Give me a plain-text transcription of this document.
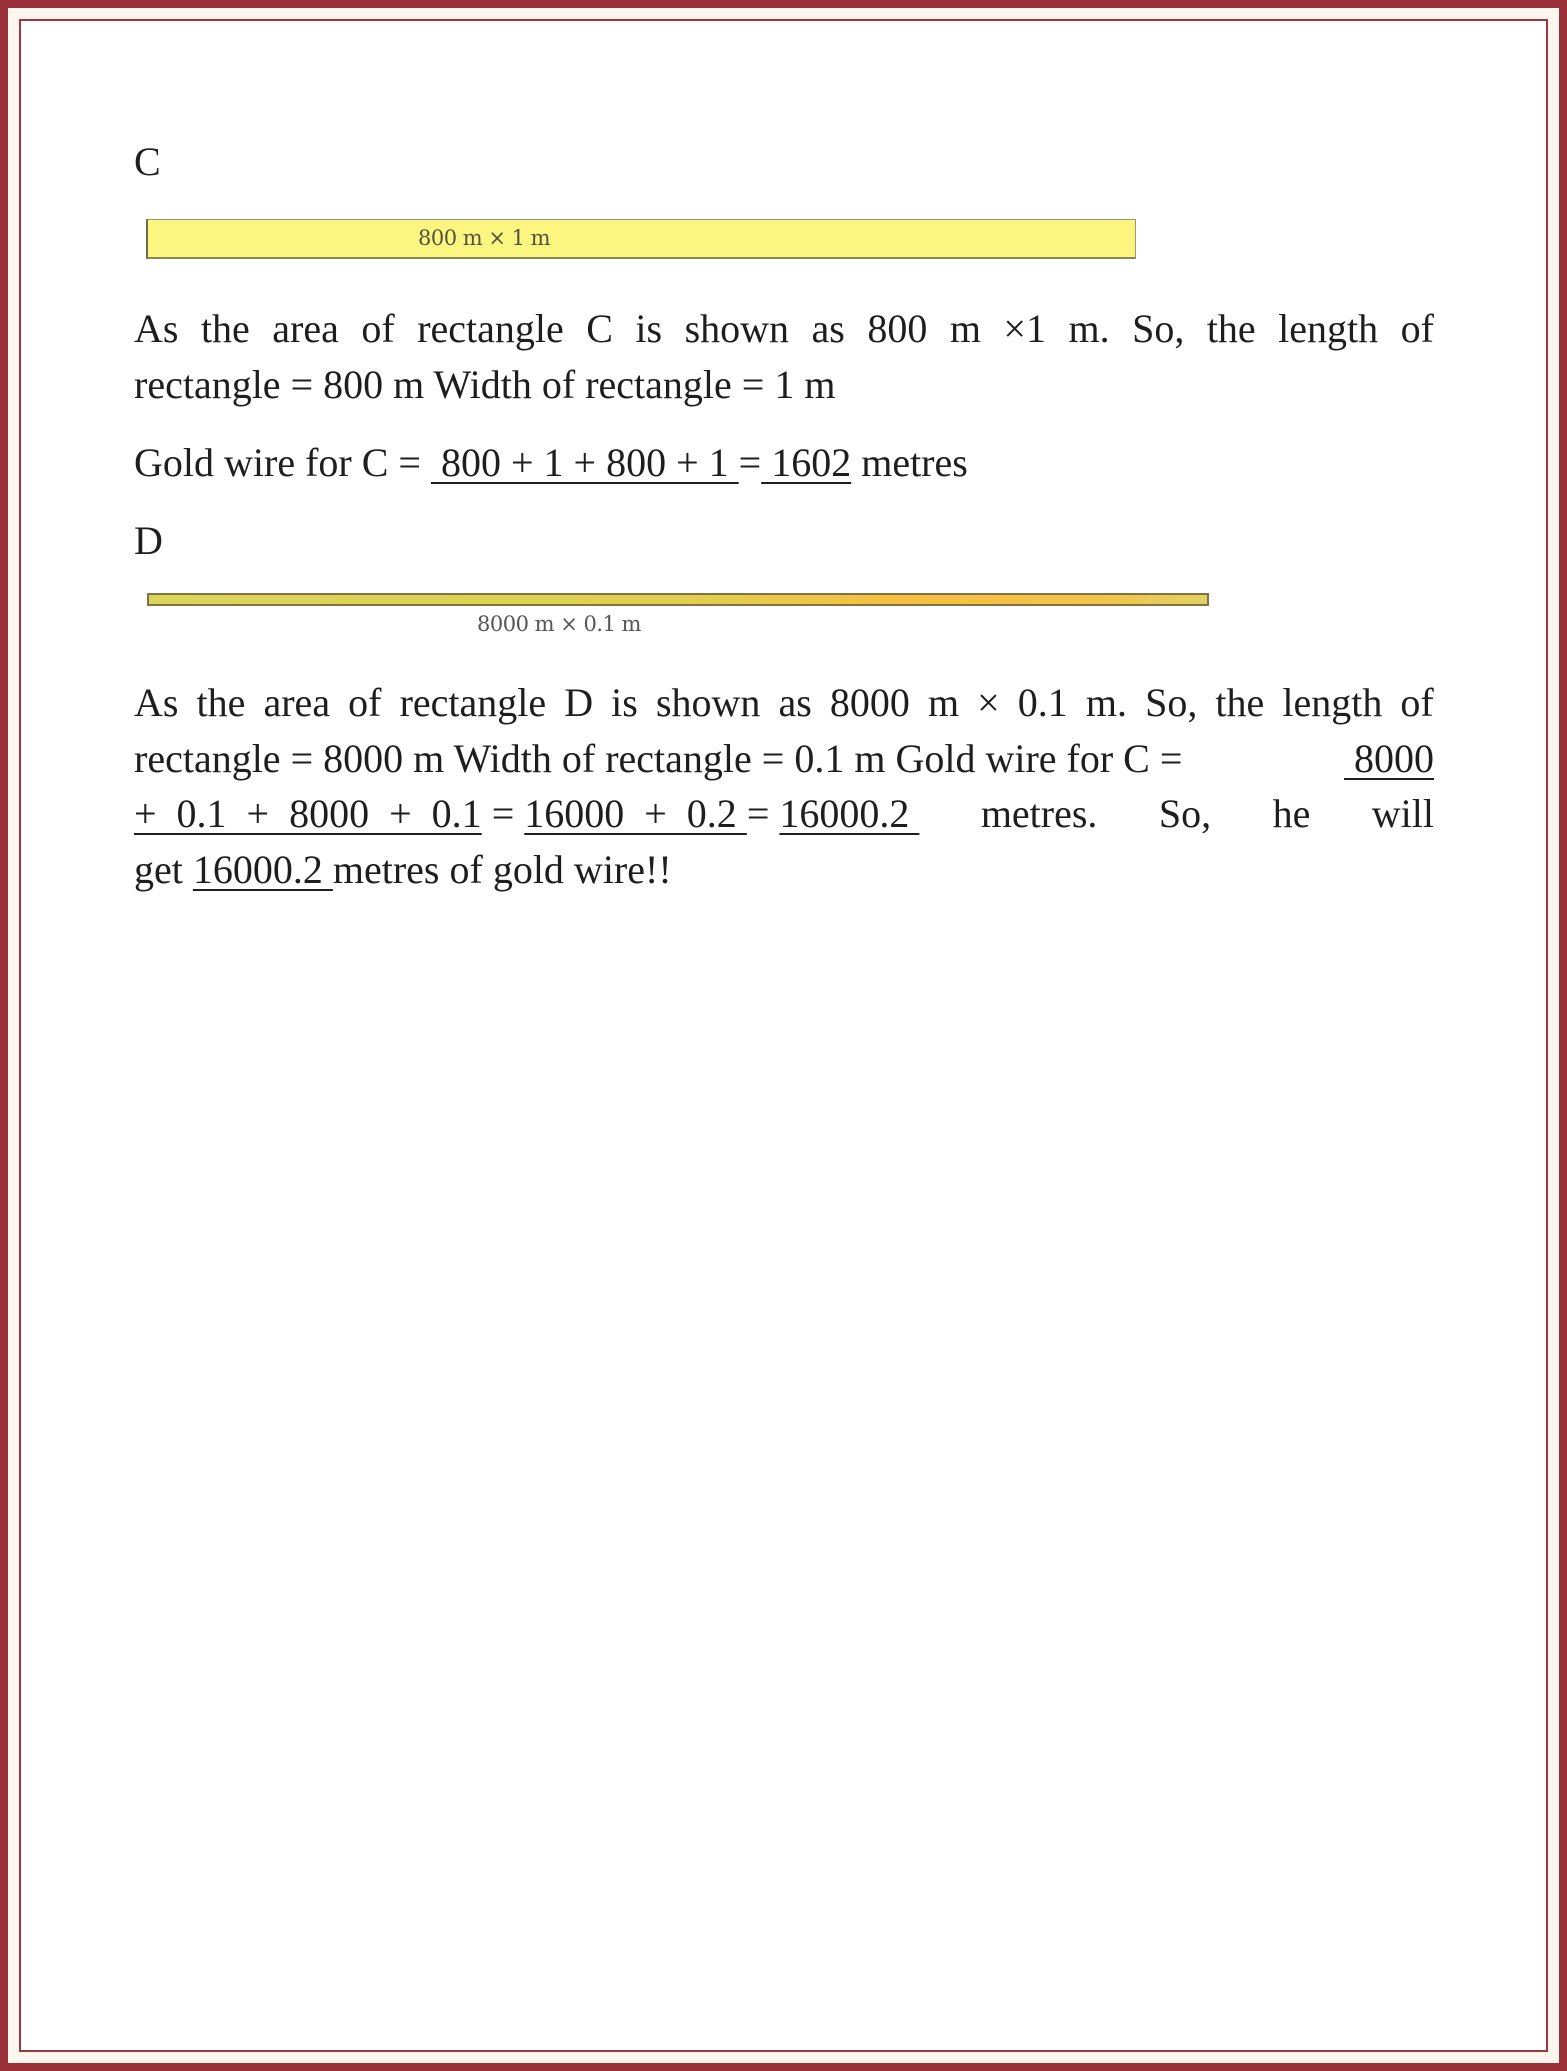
C
800 m × 1 m
As the area of rectangle C is shown as 800 m ×1 m. So, the length of
rectangle = 800 m Width of rectangle = 1 m
Gold wire for C =  800 + 1 + 800 + 1 = 1602 metres
D
8000 m × 0.1 m
As the area of rectangle D is shown as 8000 m × 0.1 m. So, the length of
rectangle = 8000 m Width of rectangle = 0.1 m Gold wire for C =	8000
+  0.1  +  8000  +  0.1 = 16000  +  0.2 = 16000.2 metres. So, he will
get 16000.2 metres of gold wire!!
